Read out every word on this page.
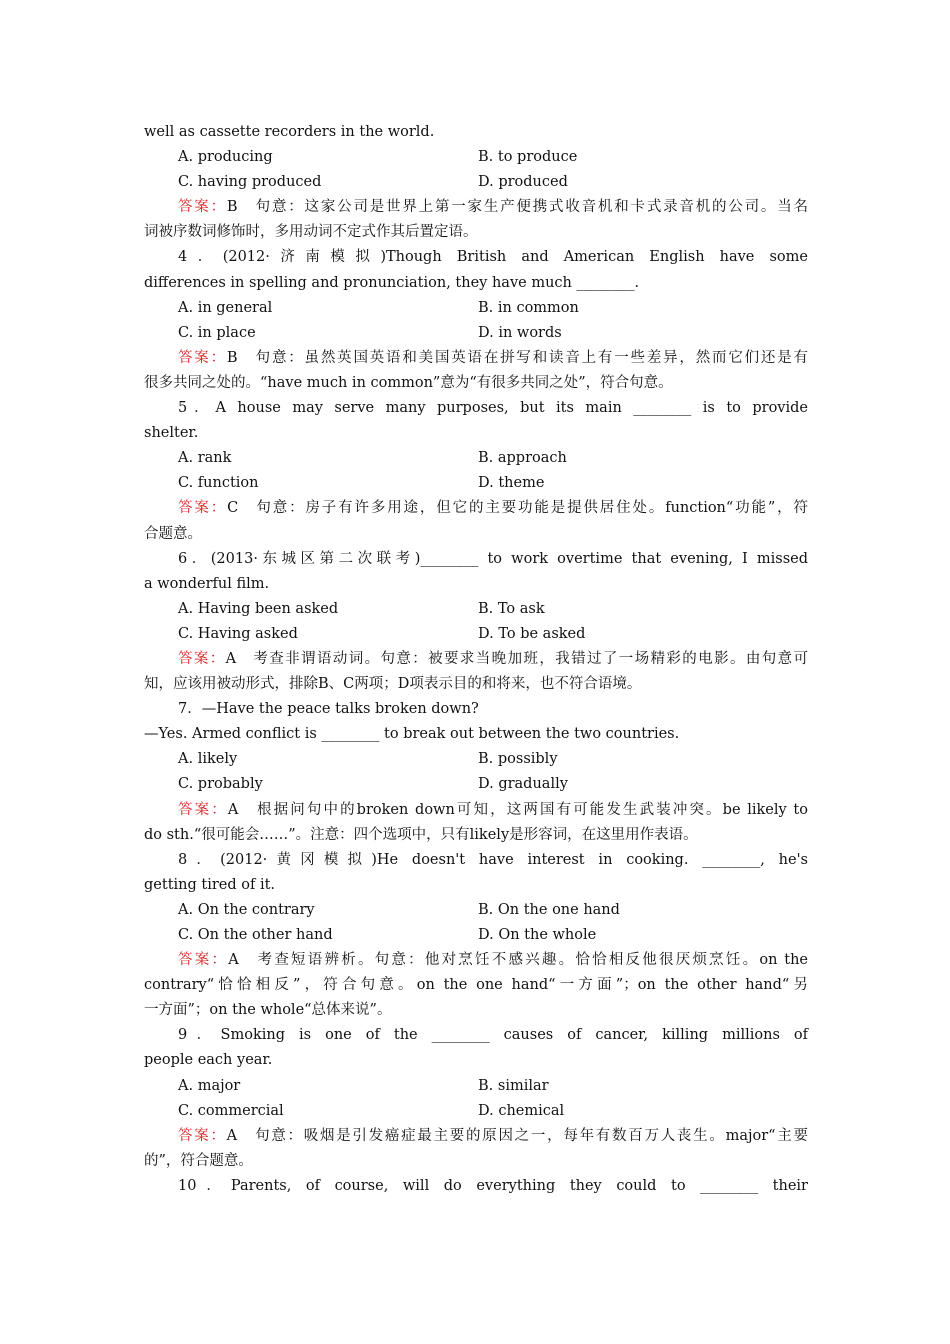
well as cassette recorders in the world.
A. producing	B. to produce
C. having produced	D. produced
答案：B　句意：这家公司是世界上第一家生产便携式收音机和卡式录音机的公司。当名
词被序数词修饰时，多用动词不定式作其后置定语。
4．(2012·济南模拟)Though British and American English have some
differences in spelling and pronunciation, they have much ________.
A. in general	B. in common
C. in place	D. in words
答案：B　句意：虽然英国英语和美国英语在拼写和读音上有一些差异，然而它们还是有
很多共同之处的。“have much in common”意为“有很多共同之处”，符合句意。
5．A house may serve many purposes, but its main ________ is to provide
shelter.
A. rank	B. approach
C. function	D. theme
答案：C　句意：房子有许多用途，但它的主要功能是提供居住处。function“功能”，符
合题意。
6．(2013·东城区第二次联考)________ to work overtime that evening, I missed
a wonderful film.
A. Having been asked	B. To ask
C. Having asked	D. To be asked
答案：A　考查非谓语动词。句意：被要求当晚加班，我错过了一场精彩的电影。由句意可
知，应该用被动形式，排除B、C两项；D项表示目的和将来，也不符合语境。
7．—Have the peace talks broken down?
—Yes. Armed conflict is ________ to break out between the two countries.
A. likely	B. possibly
C. probably	D. gradually
答案：A　根据问句中的broken down可知，这两国有可能发生武装冲突。be likely to
do sth.“很可能会……”。注意：四个选项中，只有likely是形容词，在这里用作表语。
8．(2012·黄冈模拟)He doesn't have interest in cooking. ________, he's
getting tired of it.
A. On the contrary	B. On the one hand
C. On the other hand	D. On the whole
答案：A　考查短语辨析。句意：他对烹饪不感兴趣。恰恰相反他很厌烦烹饪。on the
contrary“恰恰相反”，符合句意。on the one hand“一方面”；on the other hand“另
一方面”；on the whole“总体来说”。
9．Smoking is one of the ________ causes of cancer, killing millions of
people each year.
A. major	B. similar
C. commercial	D. chemical
答案：A　句意：吸烟是引发癌症最主要的原因之一，每年有数百万人丧生。major“主要
的”，符合题意。
10．Parents, of course, will do everything they could to ________ their
